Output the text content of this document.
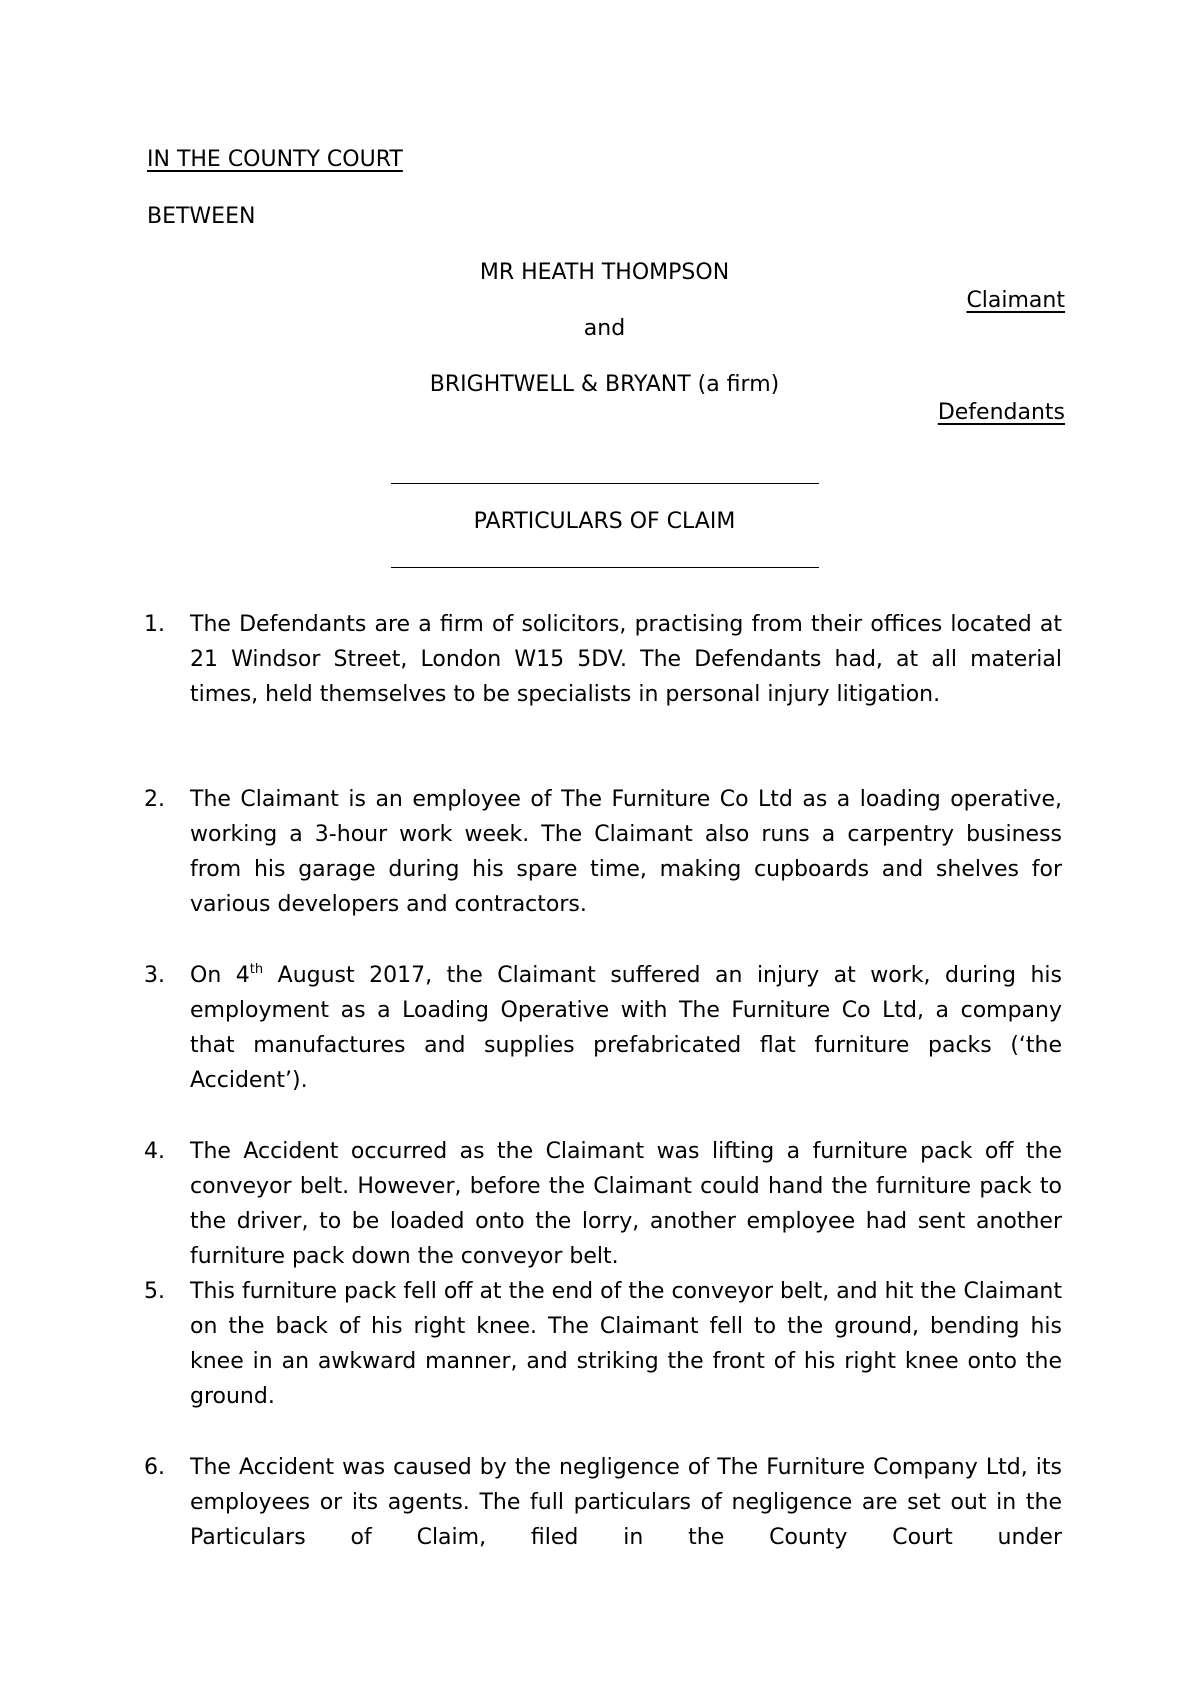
IN THE COUNTY COURT
BETWEEN
MR HEATH THOMPSON
Claimant
and
BRIGHTWELL & BRYANT (a firm)
Defendants
PARTICULARS OF CLAIM
1.	The Defendants are a firm of solicitors, practising from their offices located at 21 Windsor Street, London W15 5DV. The Defendants had, at all material times, held themselves to be specialists in personal injury litigation.
2.	The Claimant is an employee of The Furniture Co Ltd as a loading operative, working a 3-hour work week. The Claimant also runs a carpentry business from his garage during his spare time, making cupboards and shelves for various developers and contractors.
3.	On 4th August 2017, the Claimant suffered an injury at work, during his employment as a Loading Operative with The Furniture Co Ltd, a company that manufactures and supplies prefabricated flat furniture packs (‘the Accident’).
4.	The Accident occurred as the Claimant was lifting a furniture pack off the conveyor belt. However, before the Claimant could hand the furniture pack to the driver, to be loaded onto the lorry, another employee had sent another furniture pack down the conveyor belt.
5.	This furniture pack fell off at the end of the conveyor belt, and hit the Claimant on the back of his right knee. The Claimant fell to the ground, bending his knee in an awkward manner, and striking the front of his right knee onto the ground.
6.	The Accident was caused by the negligence of The Furniture Company Ltd, its employees or its agents. The full particulars of negligence are set out in the Particulars of Claim, filed in the County Court under
